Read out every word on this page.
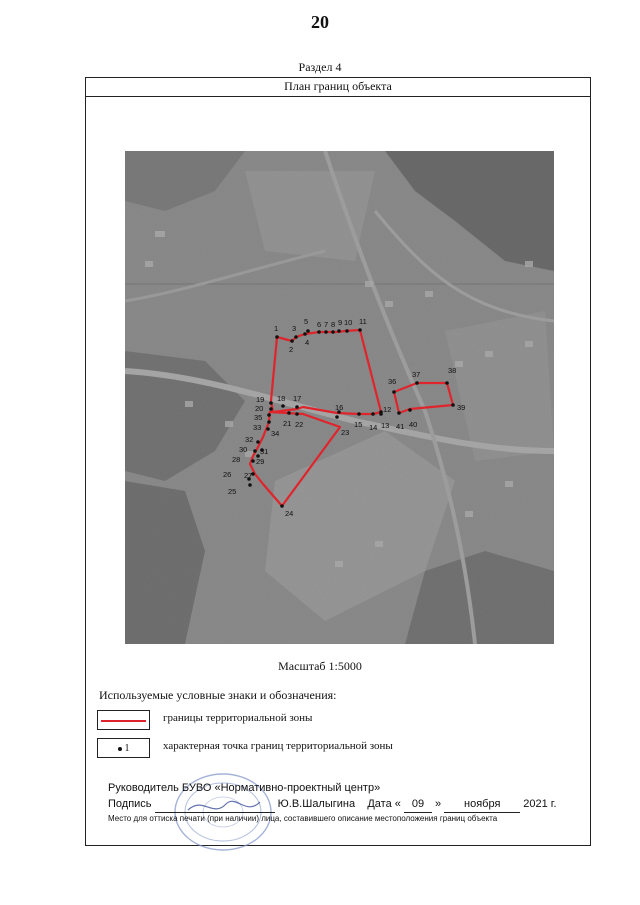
20
Раздел 4
План границ объекта
1
2
3
4
5 6 7 8 9 10 11
12
13
14
15
16
17
18
19
20
21 22
23
24
25
26 27
28 29
30 31
32
33
34
35
36
37	38
39
40
41
Масштаб 1:5000
Используемые условные знаки и обозначения:
границы территориальной зоны
1	характерная точка границ территориальной зоны
Руководитель БУВО «Нормативно-проектный центр»
Подпись	Ю.В.Шалыгина Дата « 09 » ноября 2021 г.
Место для оттиска печати (при наличии) лица, составившего описание местоположения границ объекта
